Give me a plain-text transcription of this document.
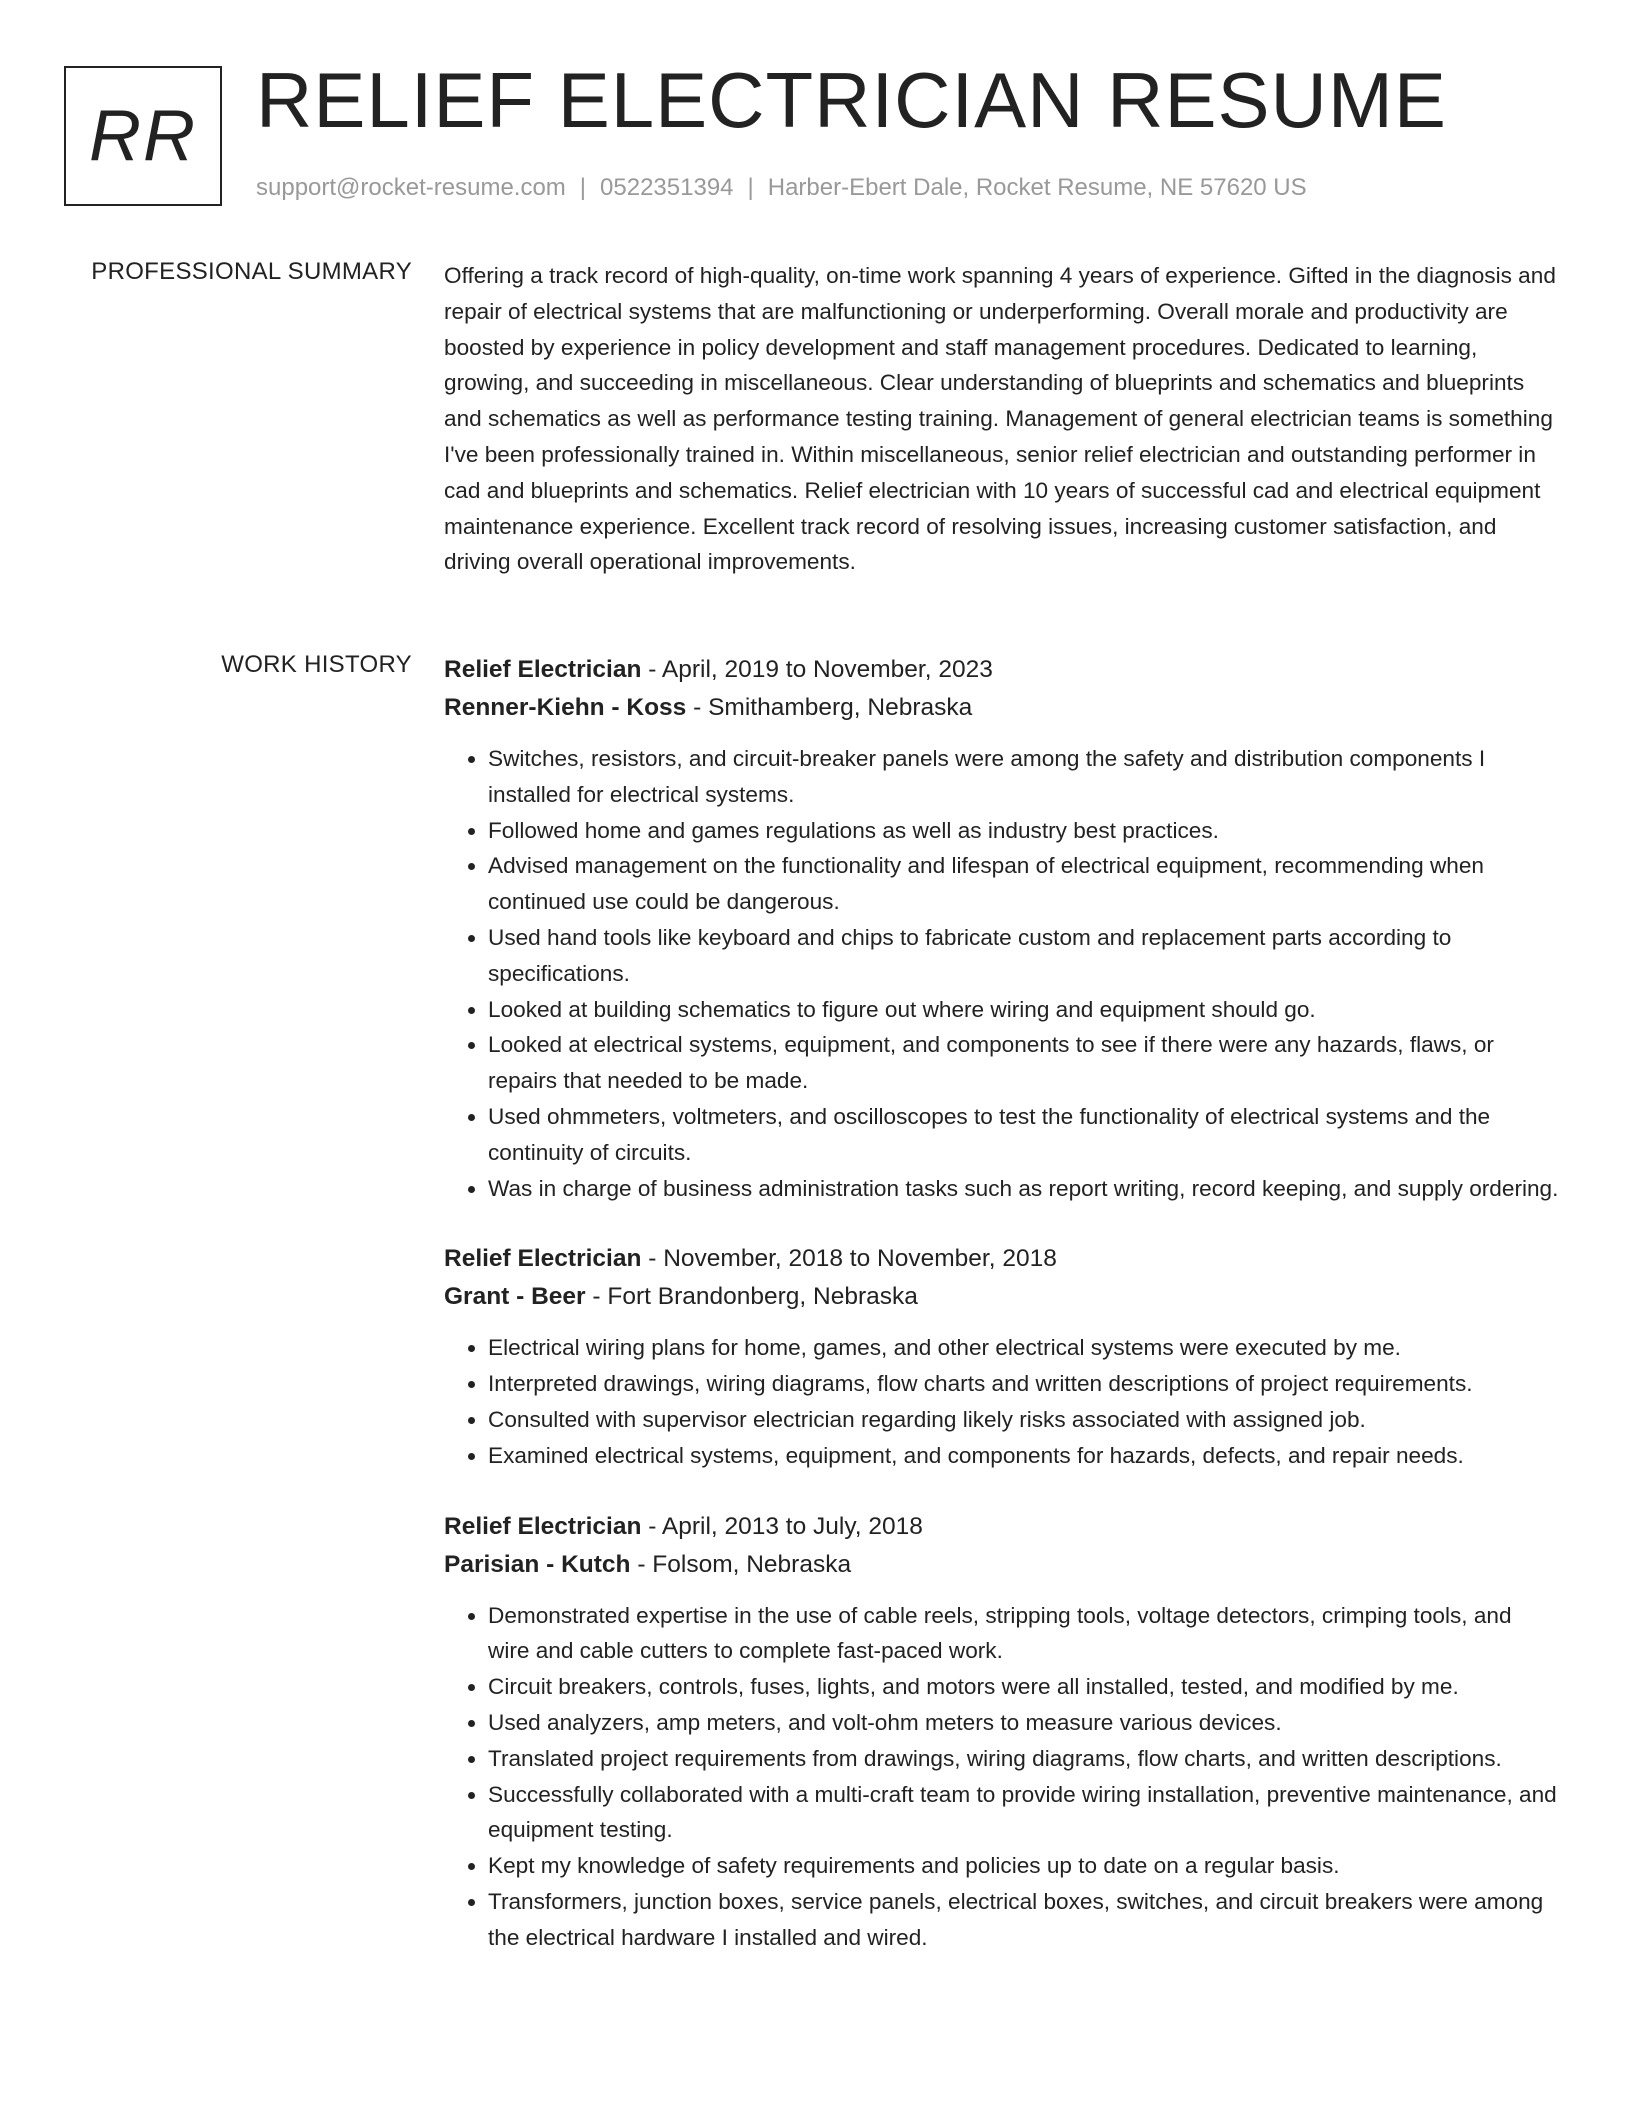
RR RELIEF ELECTRICIAN RESUME
support@rocket-resume.com | 0522351394 | Harber-Ebert Dale, Rocket Resume, NE 57620 US
PROFESSIONAL SUMMARY Offering a track record of high-quality, on-time work spanning 4 years of experience. Gifted in the diagnosis and repair of electrical systems that are malfunctioning or underperforming. Overall morale and productivity are boosted by experience in policy development and staff management procedures. Dedicated to learning, growing, and succeeding in miscellaneous. Clear understanding of blueprints and schematics and blueprints and schematics as well as performance testing training. Management of general electrician teams is something I've been professionally trained in. Within miscellaneous, senior relief electrician and outstanding performer in cad and blueprints and schematics. Relief electrician with 10 years of successful cad and electrical equipment maintenance experience. Excellent track record of resolving issues, increasing customer satisfaction, and driving overall operational improvements.

WORK HISTORY Relief Electrician - April, 2019 to November, 2023
Renner-Kiehn - Koss - Smithamberg, Nebraska
• Switches, resistors, and circuit-breaker panels were among the safety and distribution components I installed for electrical systems.
• Followed home and games regulations as well as industry best practices.
• Advised management on the functionality and lifespan of electrical equipment, recommending when continued use could be dangerous.
• Used hand tools like keyboard and chips to fabricate custom and replacement parts according to specifications.
• Looked at building schematics to figure out where wiring and equipment should go.
• Looked at electrical systems, equipment, and components to see if there were any hazards, flaws, or repairs that needed to be made.
• Used ohmmeters, voltmeters, and oscilloscopes to test the functionality of electrical systems and the continuity of circuits.
• Was in charge of business administration tasks such as report writing, record keeping, and supply ordering.
Relief Electrician - November, 2018 to November, 2018
Grant - Beer - Fort Brandonberg, Nebraska
• Electrical wiring plans for home, games, and other electrical systems were executed by me.
• Interpreted drawings, wiring diagrams, flow charts and written descriptions of project requirements.
• Consulted with supervisor electrician regarding likely risks associated with assigned job.
• Examined electrical systems, equipment, and components for hazards, defects, and repair needs.
Relief Electrician - April, 2013 to July, 2018
Parisian - Kutch - Folsom, Nebraska
• Demonstrated expertise in the use of cable reels, stripping tools, voltage detectors, crimping tools, and wire and cable cutters to complete fast-paced work.
• Circuit breakers, controls, fuses, lights, and motors were all installed, tested, and modified by me.
• Used analyzers, amp meters, and volt-ohm meters to measure various devices.
• Translated project requirements from drawings, wiring diagrams, flow charts, and written descriptions.
• Successfully collaborated with a multi-craft team to provide wiring installation, preventive maintenance, and equipment testing.
• Kept my knowledge of safety requirements and policies up to date on a regular basis.
• Transformers, junction boxes, service panels, electrical boxes, switches, and circuit breakers were among the electrical hardware I installed and wired.
